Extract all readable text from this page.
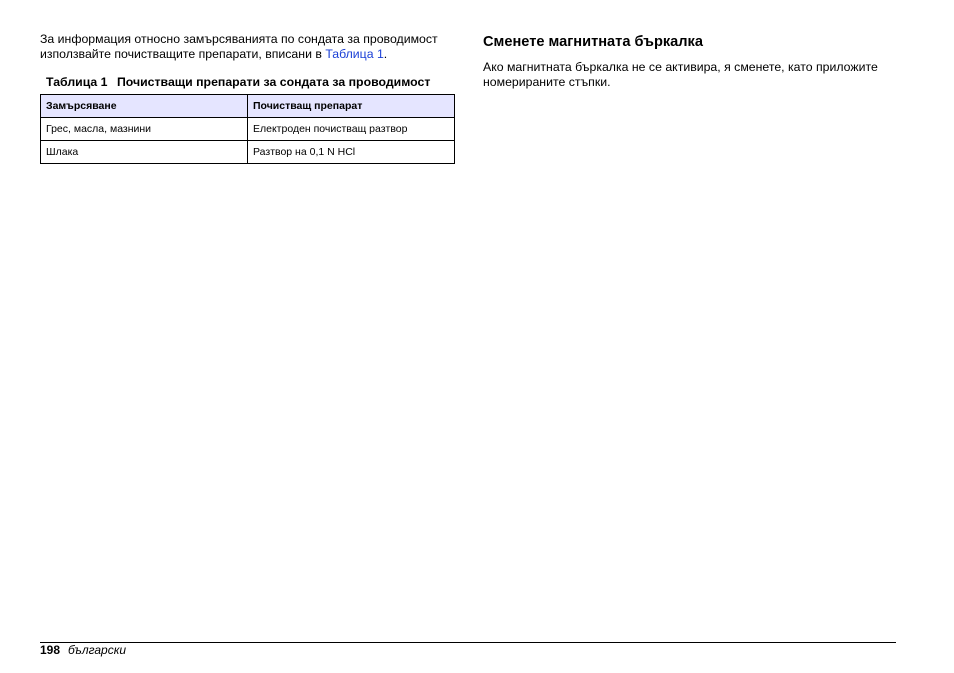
За информация относно замърсяванията по сондата за проводимост използвайте почистващите препарати, вписани в Таблица 1.

Таблица 1 Почистващи препарати за сондата за проводимост
Замърсяване	Почистващ препарат
Грес, масла, мазнини	Електроден почистващ разтвор
Шлака	Разтвор на 0,1 N HCl
Сменете магнитната бъркалка

Ако магнитната бъркалка не се активира, я сменете, като приложите номерираните стъпки.

198 български
